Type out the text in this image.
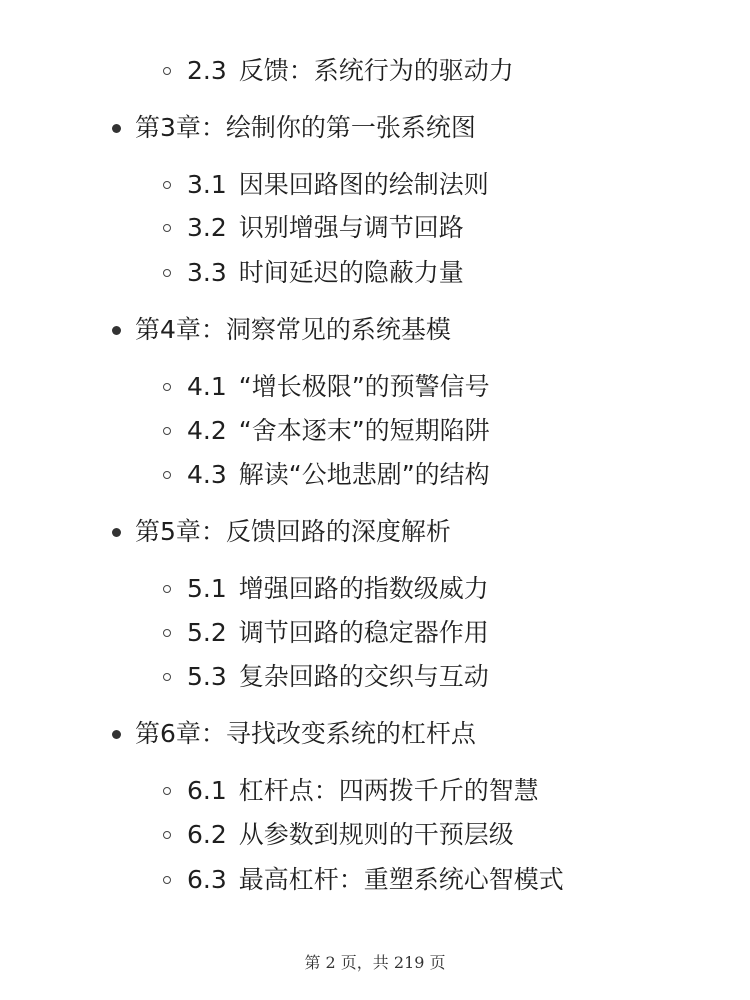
2.3 反馈：系统行为的驱动力
第3章：绘制你的第一张系统图
3.1 因果回路图的绘制法则
3.2 识别增强与调节回路
3.3 时间延迟的隐蔽力量
第4章：洞察常见的系统基模
4.1 “增长极限”的预警信号
4.2 “舍本逐末”的短期陷阱
4.3 解读“公地悲剧”的结构
第5章：反馈回路的深度解析
5.1 增强回路的指数级威力
5.2 调节回路的稳定器作用
5.3 复杂回路的交织与互动
第6章：寻找改变系统的杠杆点
6.1 杠杆点：四两拨千斤的智慧
6.2 从参数到规则的干预层级
6.3 最高杠杆：重塑系统心智模式
第 2 页，共 219 页
